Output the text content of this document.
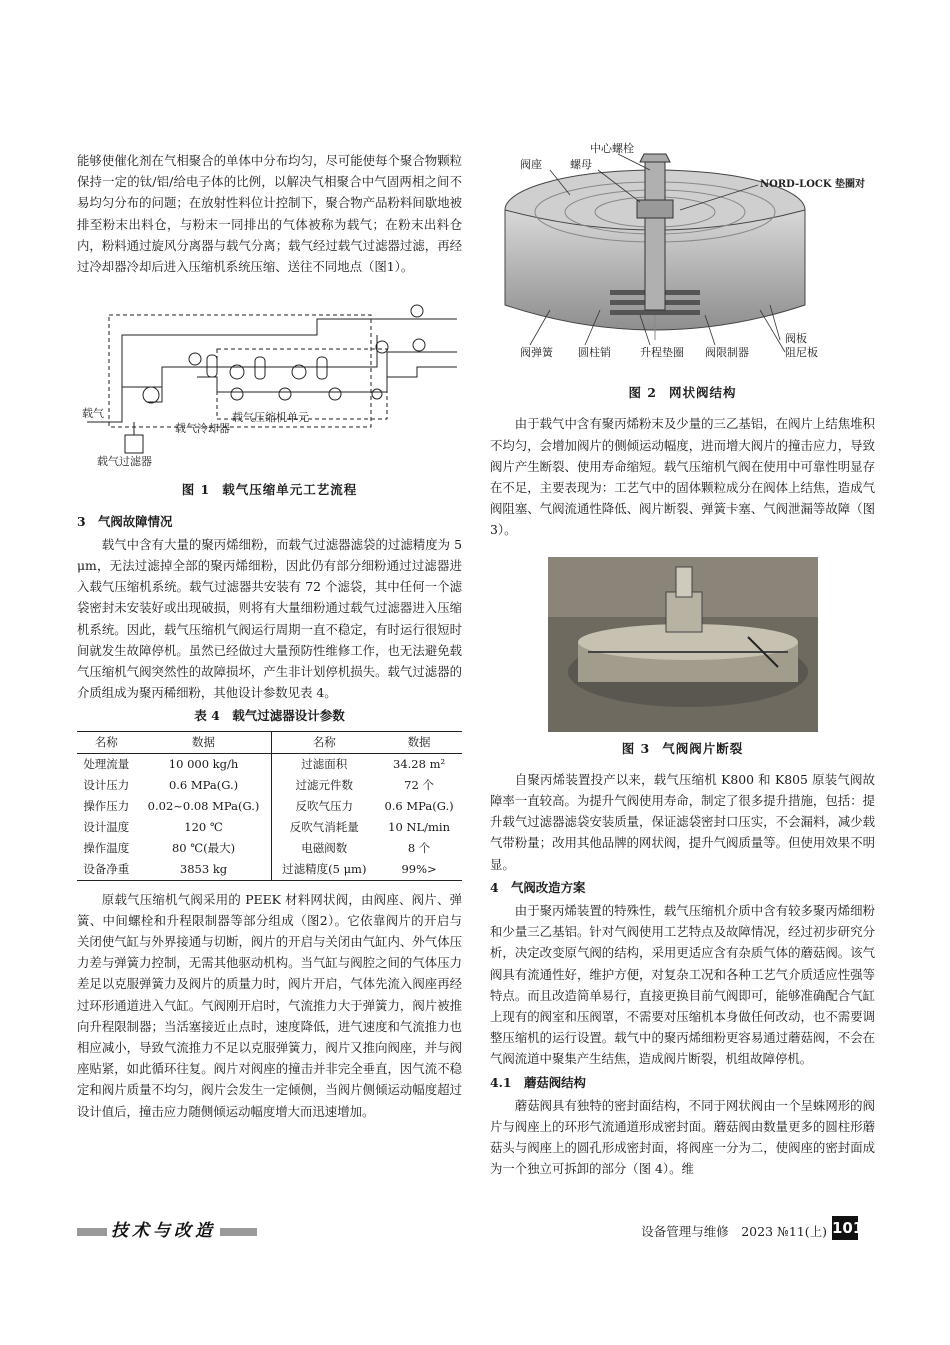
能够使催化剂在气相聚合的单体中分布均匀，尽可能使每个聚合物颗粒保持一定的钛/铝/给电子体的比例，以解决气相聚合中气固两相之间不易均匀分布的问题；在放射性料位计控制下，聚合物产品粉料间歇地被排至粉末出料仓，与粉末一同排出的气体被称为载气；在粉末出料仓内，粉料通过旋风分离器与载气分离；载气经过载气过滤器过滤，再经过冷却器冷却后进入压缩机系统压缩、送往不同地点（图1）。

载气压缩机单元
载气
载气冷却器
载气过滤器
图 1 载气压缩单元工艺流程

3　气阀故障情况

载气中含有大量的聚丙烯细粉，而载气过滤器滤袋的过滤精度为 5 μm，无法过滤掉全部的聚丙烯细粉，因此仍有部分细粉通过过滤器进入载气压缩机系统。载气过滤器共安装有 72 个滤袋，其中任何一个滤袋密封未安装好或出现破损，则将有大量细粉通过载气过滤器进入压缩机系统。因此，载气压缩机气阀运行周期一直不稳定，有时运行很短时间就发生故障停机。虽然已经做过大量预防性维修工作，也无法避免载气压缩机气阀突然性的故障损坏，产生非计划停机损失。载气过滤器的介质组成为聚丙稀细粉，其他设计参数见表 4。

表 4　载气过滤器设计参数
名称	数据	名称	数据
处理流量	10 000 kg/h	过滤面积	34.28 m²
设计压力	0.6 MPa(G.)	过滤元件数	72 个
操作压力	0.02~0.08 MPa(G.)	反吹气压力	0.6 MPa(G.)
设计温度	120 ℃	反吹气消耗量	10 NL/min
操作温度	80 ℃(最大)	电磁阀数	8 个
设备净重	3853 kg	过滤精度(5 μm)	99%>

原载气压缩机气阀采用的 PEEK 材料网状阀，由阀座、阀片、弹簧、中间螺栓和升程限制器等部分组成（图2）。它依靠阀片的开启与关闭使气缸与外界接通与切断，阀片的开启与关闭由气缸内、外气体压力差与弹簧力控制，无需其他驱动机构。当气缸与阀腔之间的气体压力差足以克服弹簧力及阀片的质量力时，阀片开启，气体先流入阀座再经过环形通道进入气缸。气阀刚开启时，气流推力大于弹簧力，阀片被推向升程限制器；当活塞接近止点时，速度降低，进气速度和气流推力也相应减小，导致气流推力不足以克服弹簧力，阀片又推向阀座，并与阀座贴紧，如此循环往复。阀片对阀座的撞击并非完全垂直，因气流不稳定和阀片质量不均匀，阀片会发生一定倾侧，当阀片侧倾运动幅度超过设计值后，撞击应力随侧倾运动幅度增大而迅速增加。

中心螺栓
螺母
阀座
NORD-LOCK 垫圈对
阀弹簧 圆柱销	升程垫圈 阀限制器
阀板
阻尼板
图 2 网状阀结构

由于载气中含有聚丙烯粉末及少量的三乙基铝，在阀片上结焦堆积不均匀，会增加阀片的侧倾运动幅度，进而增大阀片的撞击应力，导致阀片产生断裂、使用寿命缩短。载气压缩机气阀在使用中可靠性明显存在不足，主要表现为：工艺气中的固体颗粒成分在阀体上结焦，造成气阀阻塞、气阀流通性降低、阀片断裂、弹簧卡塞、气阀泄漏等故障（图3）。

图 3 气阀阀片断裂

自聚丙烯装置投产以来，载气压缩机 K800 和 K805 原装气阀故障率一直较高。为提升气阀使用寿命，制定了很多提升措施，包括：提升载气过滤器滤袋安装质量，保证滤袋密封口压实，不会漏料，减少载气带粉量；改用其他品牌的网状阀，提升气阀质量等。但使用效果不明显。

4　气阀改造方案

由于聚丙烯装置的特殊性，载气压缩机介质中含有较多聚丙烯细粉和少量三乙基铝。针对气阀使用工艺特点及故障情况，经过初步研究分析，决定改变原气阀的结构，采用更适应含有杂质气体的蘑菇阀。该气阀具有流通性好，维护方便，对复杂工况和各种工艺气介质适应性强等特点。而且改造简单易行，直接更换目前气阀即可，能够准确配合气缸上现有的阀室和压阀罩，不需要对压缩机本身做任何改动，也不需要调整压缩机的运行设置。载气中的聚丙烯细粉更容易通过蘑菇阀，不会在气阀流道中聚集产生结焦，造成阀片断裂，机组故障停机。

4.1　蘑菇阀结构

蘑菇阀具有独特的密封面结构，不同于网状阀由一个呈蛛网形的阀片与阀座上的环形气流通道形成密封面。蘑菇阀由数量更多的圆柱形蘑菇头与阀座上的圆孔形成密封面，将阀座一分为二，使阀座的密封面成为一个独立可拆卸的部分（图 4）。维

技术与改造	设备管理与维修　2023 №11(上) 101
